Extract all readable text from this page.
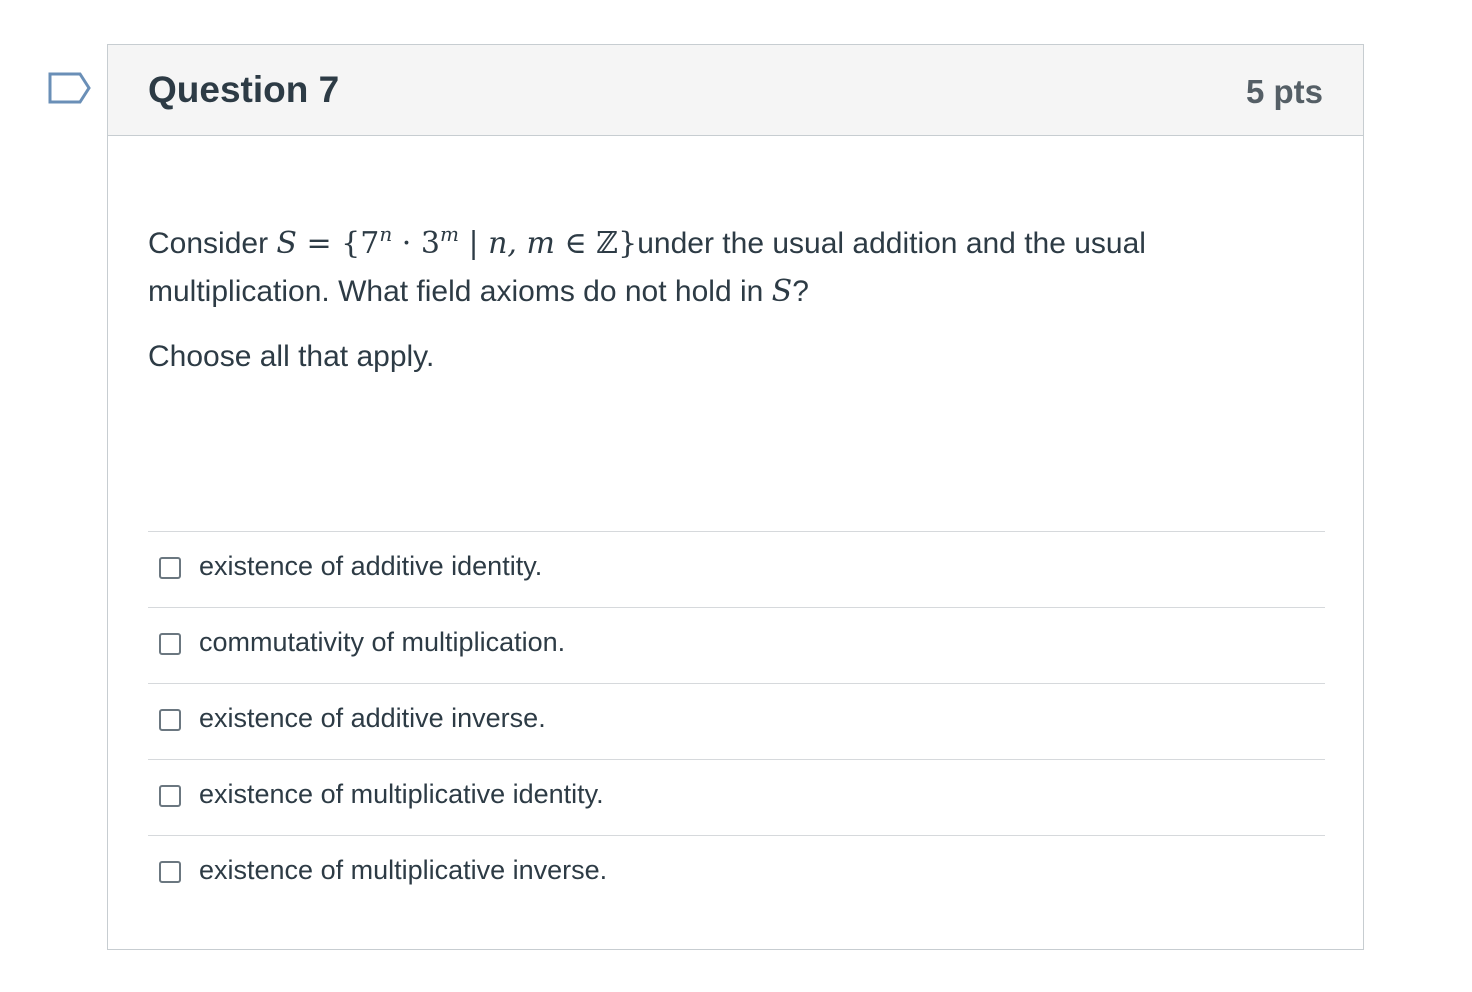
Question 7	5 pts

Consider $S = \{7^n \cdot 3^m$ | n, m ∈ ℤ}under the usual addition and the usual

multiplication. What field axioms do not hold in S?

Choose all that apply.
existence of additive identity.
commutativity of multiplication.
existence of additive inverse.
existence of multiplicative identity.
existence of multiplicative inverse.
